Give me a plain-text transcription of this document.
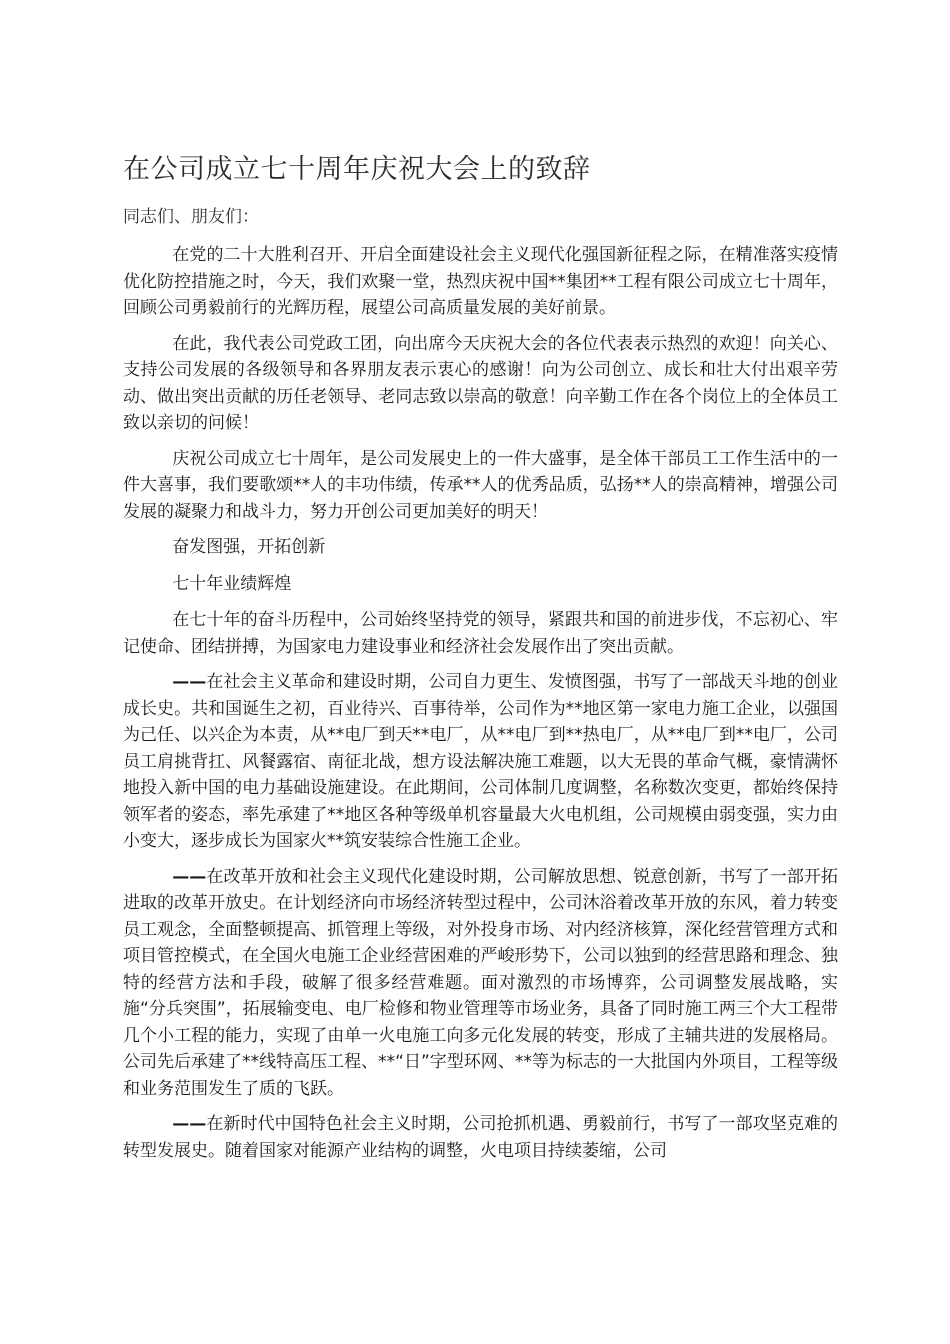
在公司成立七十周年庆祝大会上的致辞

同志们、朋友们：

在党的二十大胜利召开、开启全面建设社会主义现代化强国新征程之际，在精准落实疫情优化防控措施之时，今天，我们欢聚一堂，热烈庆祝中国**集团**工程有限公司成立七十周年，回顾公司勇毅前行的光辉历程，展望公司高质量发展的美好前景。

在此，我代表公司党政工团，向出席今天庆祝大会的各位代表表示热烈的欢迎！向关心、支持公司发展的各级领导和各界朋友表示衷心的感谢！向为公司创立、成长和壮大付出艰辛劳动、做出突出贡献的历任老领导、老同志致以崇高的敬意！向辛勤工作在各个岗位上的全体员工致以亲切的问候！

庆祝公司成立七十周年，是公司发展史上的一件大盛事，是全体干部员工工作生活中的一件大喜事，我们要歌颂**人的丰功伟绩，传承**人的优秀品质，弘扬**人的崇高精神，增强公司发展的凝聚力和战斗力，努力开创公司更加美好的明天！

奋发图强，开拓创新

七十年业绩辉煌

在七十年的奋斗历程中，公司始终坚持党的领导，紧跟共和国的前进步伐，不忘初心、牢记使命、团结拼搏，为国家电力建设事业和经济社会发展作出了突出贡献。

——在社会主义革命和建设时期，公司自力更生、发愤图强，书写了一部战天斗地的创业成长史。共和国诞生之初，百业待兴、百事待举，公司作为**地区第一家电力施工企业，以强国为己任、以兴企为本责，从**电厂到天**电厂，从**电厂到**热电厂，从**电厂到**电厂，公司员工肩挑背扛、风餐露宿、南征北战，想方设法解决施工难题，以大无畏的革命气概，豪情满怀地投入新中国的电力基础设施建设。在此期间，公司体制几度调整，名称数次变更，都始终保持领军者的姿态，率先承建了**地区各种等级单机容量最大火电机组，公司规模由弱变强，实力由小变大，逐步成长为国家火**筑安装综合性施工企业。

——在改革开放和社会主义现代化建设时期，公司解放思想、锐意创新，书写了一部开拓进取的改革开放史。在计划经济向市场经济转型过程中，公司沐浴着改革开放的东风，着力转变员工观念，全面整顿提高、抓管理上等级，对外投身市场、对内经济核算，深化经营管理方式和项目管控模式，在全国火电施工企业经营困难的严峻形势下，公司以独到的经营思路和理念、独特的经营方法和手段，破解了很多经营难题。面对激烈的市场博弈，公司调整发展战略，实施“分兵突围”，拓展输变电、电厂检修和物业管理等市场业务，具备了同时施工两三个大工程带几个小工程的能力，实现了由单一火电施工向多元化发展的转变，形成了主辅共进的发展格局。公司先后承建了**线特高压工程、**“日”字型环网、**等为标志的一大批国内外项目，工程等级和业务范围发生了质的飞跃。

——在新时代中国特色社会主义时期，公司抢抓机遇、勇毅前行，书写了一部攻坚克难的转型发展史。随着国家对能源产业结构的调整，火电项目持续萎缩，公司
